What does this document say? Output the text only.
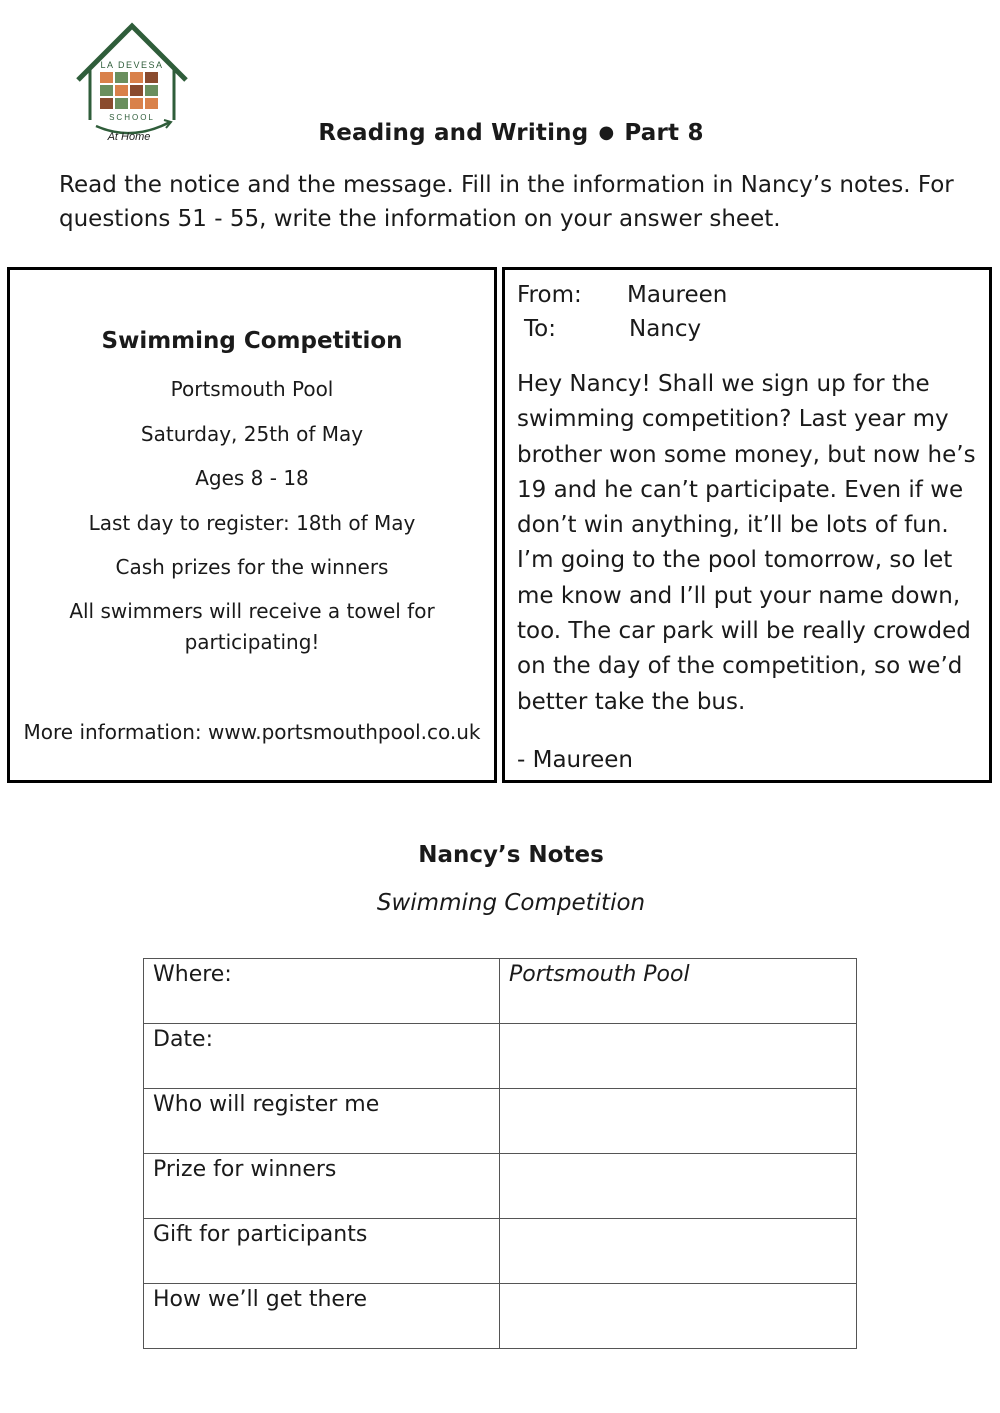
LA DEVESA
SCHOOL
At Home	Reading and Writing ● Part 8
Read the notice and the message. Fill in the information in Nancy’s notes. For questions 51 - 55, write the information on your answer sheet.
Swimming Competition
Portsmouth Pool
Saturday, 25th of May
Ages 8 - 18
Last day to register: 18th of May
Cash prizes for the winners
All swimmers will receive a towel for participating!
More information: www.portsmouthpool.co.uk
From: Maureen
To:	Nancy
Hey Nancy! Shall we sign up for the swimming competition? Last year my brother won some money, but now he’s 19 and he can’t participate. Even if we don’t win anything, it’ll be lots of fun. I’m going to the pool tomorrow, so let me know and I’ll put your name down, too. The car park will be really crowded on the day of the competition, so we’d better take the bus.
- Maureen
Nancy’s Notes
Swimming Competition
Where:	Portsmouth Pool
Date:	
Who will register me	
Prize for winners	
Gift for participants	
How we’ll get there	
